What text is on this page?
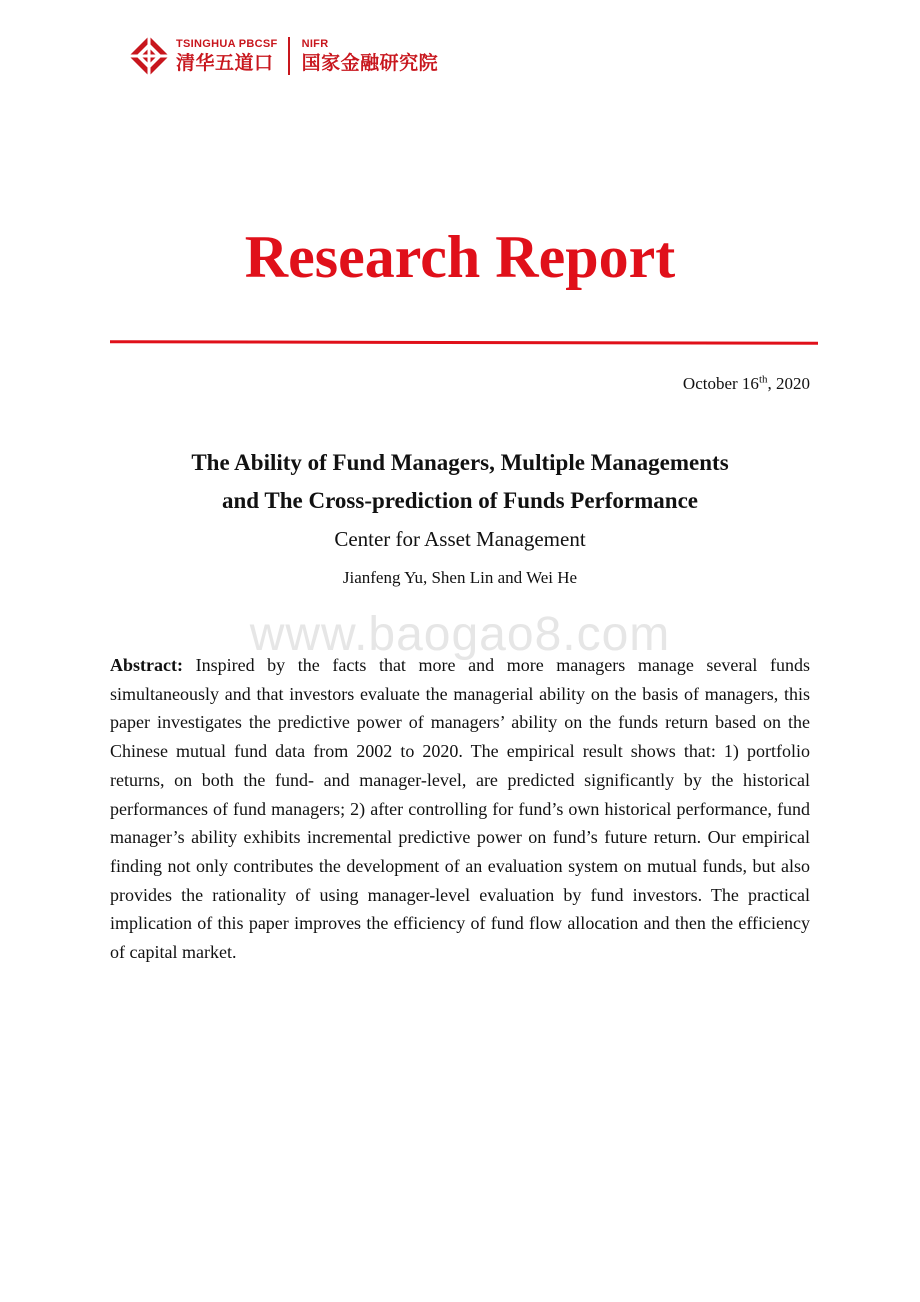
TSINGHUA PBCSF
清华五道口
NIFR
国家金融研究院
Research Report
October 16th, 2020
The Ability of Fund Managers, Multiple Managements
and The Cross-prediction of Funds Performance
Center for Asset Management
Jianfeng Yu, Shen Lin and Wei He
www.baogao8.com

Abstract: Inspired by the facts that more and more managers manage several funds simultaneously and that investors evaluate the managerial ability on the basis of managers, this paper investigates the predictive power of managers’ ability on the funds return based on the Chinese mutual fund data from 2002 to 2020. The empirical result shows that: 1) portfolio returns, on both the fund- and manager-level, are predicted significantly by the historical performances of fund managers; 2) after controlling for fund’s own historical performance, fund manager’s ability exhibits incremental predictive power on fund’s future return. Our empirical finding not only contributes the development of an evaluation system on mutual funds, but also provides the rationality of using manager-level evaluation by fund investors. The practical implication of this paper improves the efficiency of fund flow allocation and then the efficiency of capital market.
